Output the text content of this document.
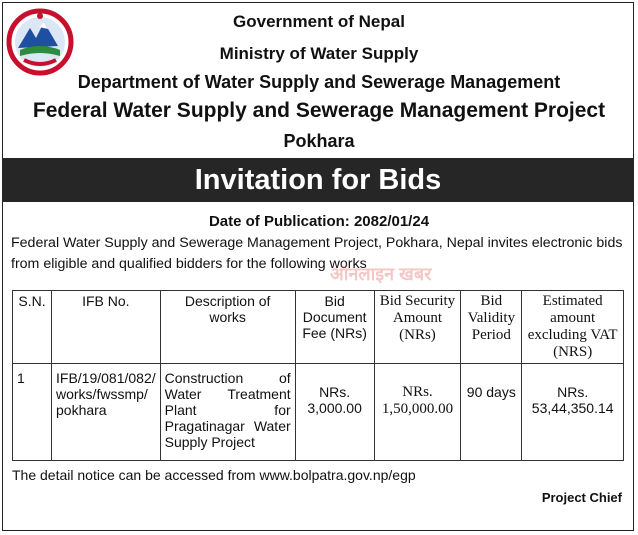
Government of Nepal
Ministry of Water Supply
Department of Water Supply and Sewerage Management
Federal Water Supply and Sewerage Management Project
Pokhara
Invitation for Bids
Date of Publication: 2082/01/24
Federal Water Supply and Sewerage Management Project, Pokhara, Nepal invites electronic bids from eligible and qualified bidders for the following works
ऑनलाइन खबर
S.N.	IFB No.	Description of works	Bid Document Fee (NRs)	Bid Security Amount (NRs)	Bid Validity Period	Estimated amount excluding VAT (NRS)
1	IFB/19/081/082/ works/fwssmp/ pokhara	Construction of Water Treatment Plant for Pragatinagar Water Supply Project	NRs. 3,000.00	NRs. 1,50,000.00	90 days	NRs. 53,44,350.14
The detail notice can be accessed from www.bolpatra.gov.np/egp
Project Chief
